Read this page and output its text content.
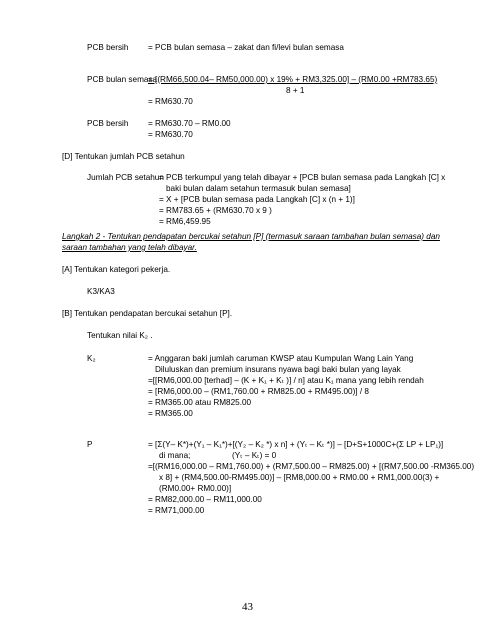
PCB bersih = PCB bulan semasa – zakat dan fi/levi bulan semasa
PCB bulan semasa
= [(RM66,500.04– RM50,000.00) x 19% + RM3,325.00] – (RM0.00 +RM783.65)
8 + 1
= RM630.70
PCB bersih = RM630.70 – RM0.00
= RM630.70
[D] Tentukan jumlah PCB setahun
Jumlah PCB setahun
= PCB terkumpul yang telah dibayar + [PCB bulan semasa pada Langkah [C] x
baki bulan dalam setahun termasuk bulan semasa]
= X + [PCB bulan semasa pada Langkah [C] x (n + 1)]
= RM783.65 + (RM630.70 x 9 )
= RM6,459.95
Langkah 2 - Tentukan pendapatan bercukai setahun [P] (termasuk saraan tambahan bulan semasa) dan
saraan tambahan yang telah dibayar.
[A] Tentukan kategori pekerja.
K3/KA3
[B] Tentukan pendapatan bercukai setahun [P].
Tentukan nilai K₂ .
K₂	= Anggaran baki jumlah caruman KWSP atau Kumpulan Wang Lain Yang
Diluluskan dan premium insurans nyawa bagi baki bulan yang layak
=[[RM6,000.00 [terhad] – (K + K₁ + Kₜ )] / n] atau K₁ mana yang lebih rendah
= [RM6,000.00 – (RM1,760.00 + RM825.00 + RM495.00)] / 8
= RM365.00 atau RM825.00
= RM365.00
P	= [Σ(Y– K*)+(Y₁ – K₁*)+[(Y₂ – K₂ *) x n] + (Yₜ – Kₜ *)] – [D+S+1000C+(Σ LP + LP₁)]
di mana;	(Yₜ – Kₜ) = 0
=[(RM16,000.00 – RM1,760.00) + (RM7,500.00 – RM825.00) + [(RM7,500.00 -RM365.00)
x 8] + (RM4,500.00-RM495.00)] – [RM8,000.00 + RM0.00 + RM1,000.00(3) +
(RM0.00+ RM0.00)]
= RM82,000.00 – RM11,000.00
= RM71,000.00
43
